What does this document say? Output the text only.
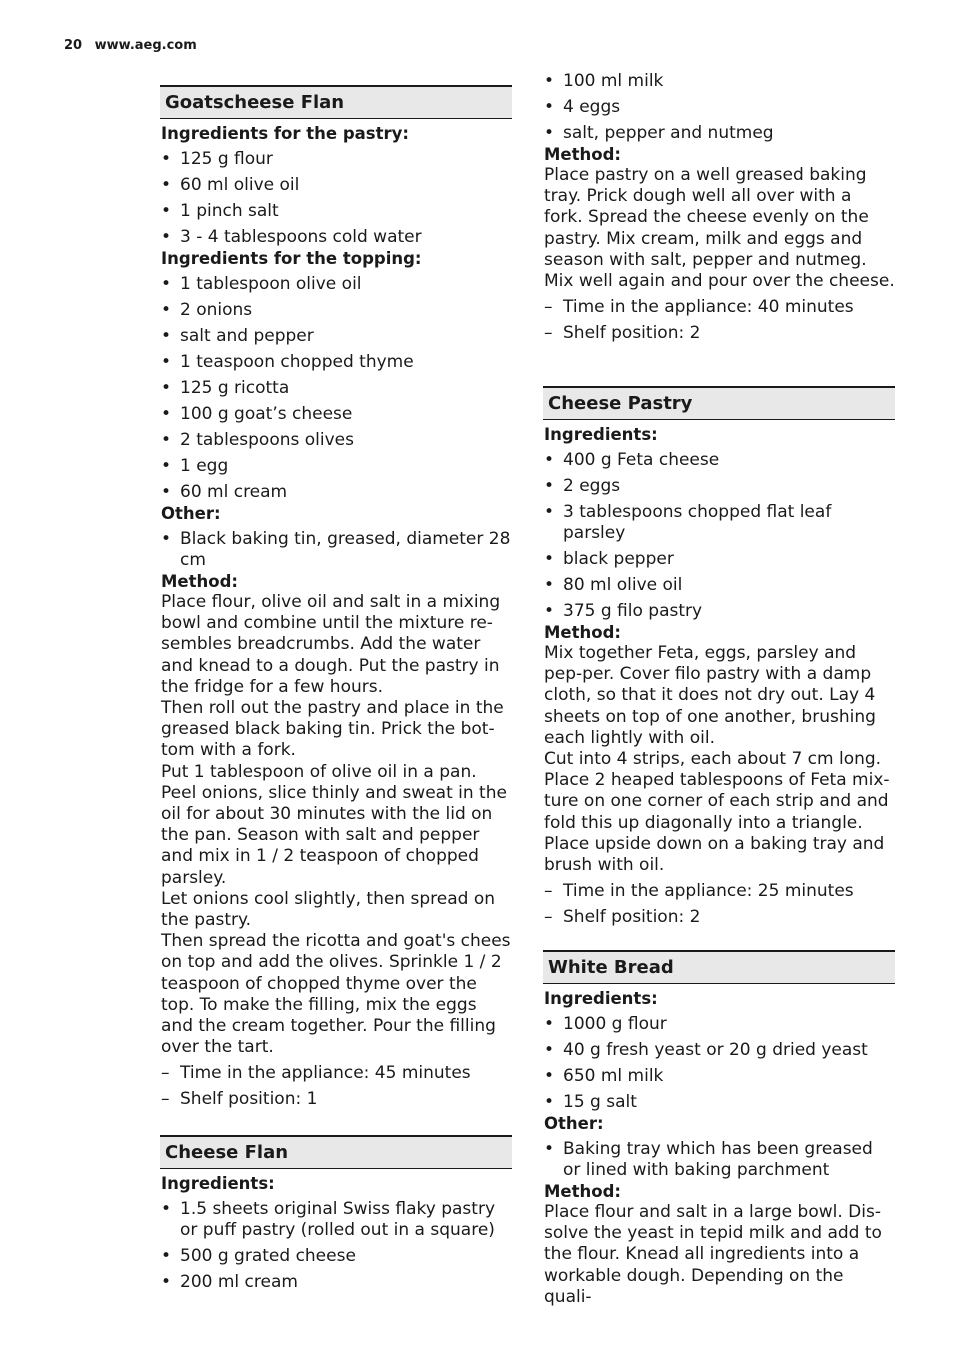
20 www.aeg.com
Goatscheese Flan
Ingredients for the pastry:
• 125 g flour
• 60 ml olive oil
• 1 pinch salt
• 3 - 4 tablespoons cold water
Ingredients for the topping:
• 1 tablespoon olive oil
• 2 onions
• salt and pepper
• 1 teaspoon chopped thyme
• 125 g ricotta
• 100 g goat’s cheese
• 2 tablespoons olives
• 1 egg
• 60 ml cream
Other:
• Black baking tin, greased, diameter 28 cm
Method:

Place flour, olive oil and salt in a mixing bowl and combine until the mixture re-sembles breadcrumbs. Add the water and knead to a dough. Put the pastry in the fridge for a few hours.

Then roll out the pastry and place in the greased black baking tin. Prick the bot-tom with a fork.

Put 1 tablespoon of olive oil in a pan. Peel onions, slice thinly and sweat in the oil for about 30 minutes with the lid on the pan. Season with salt and pepper and mix in 1 / 2 teaspoon of chopped parsley.

Let onions cool slightly, then spread on the pastry.

Then spread the ricotta and goat's chees on top and add the olives. Sprinkle 1 / 2 teaspoon of chopped thyme over the top. To make the filling, mix the eggs and the cream together. Pour the filling over the tart.

– Time in the appliance: 45 minutes
– Shelf position: 1
Cheese Flan
Ingredients:
• 1.5 sheets original Swiss flaky pastry or puff pastry (rolled out in a square)
• 500 g grated cheese
• 200 ml cream
• 100 ml milk
• 4 eggs
• salt, pepper and nutmeg
Method:

Place pastry on a well greased baking tray. Prick dough well all over with a fork. Spread the cheese evenly on the pastry. Mix cream, milk and eggs and season with salt, pepper and nutmeg. Mix well again and pour over the cheese.

– Time in the appliance: 40 minutes
– Shelf position: 2
Cheese Pastry
Ingredients:
• 400 g Feta cheese
• 2 eggs
• 3 tablespoons chopped flat leaf parsley
• black pepper
• 80 ml olive oil
• 375 g filo pastry
Method:

Mix together Feta, eggs, parsley and pep-per. Cover filo pastry with a damp cloth, so that it does not dry out. Lay 4 sheets on top of one another, brushing each lightly with oil.

Cut into 4 strips, each about 7 cm long. Place 2 heaped tablespoons of Feta mix-ture on one corner of each strip and and fold this up diagonally into a triangle. Place upside down on a baking tray and brush with oil.

– Time in the appliance: 25 minutes
– Shelf position: 2
White Bread
Ingredients:
• 1000 g flour
• 40 g fresh yeast or 20 g dried yeast
• 650 ml milk
• 15 g salt
Other:
• Baking tray which has been greased or lined with baking parchment
Method:

Place flour and salt in a large bowl. Dis-solve the yeast in tepid milk and add to the flour. Knead all ingredients into a workable dough. Depending on the quali-
